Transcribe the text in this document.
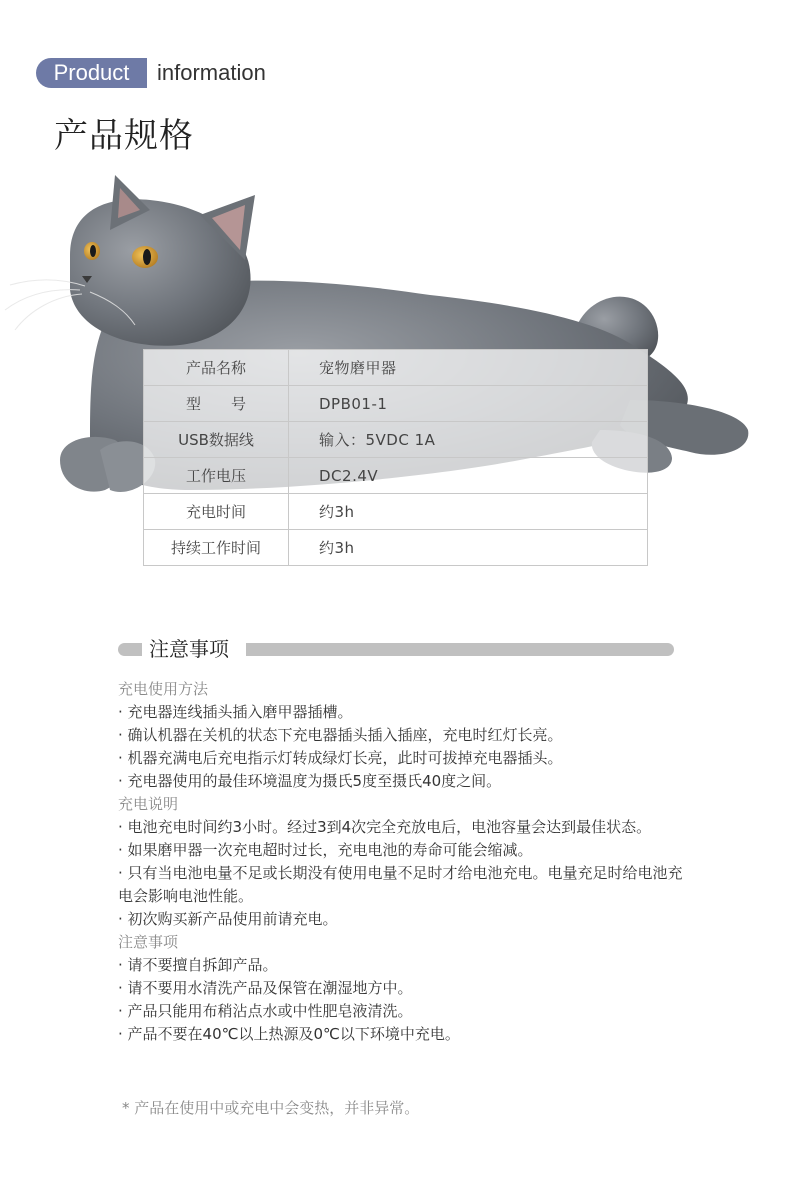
Product	information
产品规格
产品名称	宠物磨甲器
型　　号	DPB01-1
USB数据线	输入：5VDC 1A
工作电压	DC2.4V
充电时间	约3h
持续工作时间	约3h
注意事项

充电使用方法

· 充电器连线插头插入磨甲器插槽。

· 确认机器在关机的状态下充电器插头插入插座，充电时红灯长亮。

· 机器充满电后充电指示灯转成绿灯长亮，此时可拔掉充电器插头。

· 充电器使用的最佳环境温度为摄氏5度至摄氏40度之间。

充电说明

· 电池充电时间约3小时。经过3到4次完全充放电后，电池容量会达到最佳状态。

· 如果磨甲器一次充电超时过长，充电电池的寿命可能会缩减。

· 只有当电池电量不足或长期没有使用电量不足时才给电池充电。电量充足时给电池充电会影响电池性能。

· 初次购买新产品使用前请充电。

注意事项

· 请不要擅自拆卸产品。

· 请不要用水清洗产品及保管在潮湿地方中。

· 产品只能用布稍沾点水或中性肥皂液清洗。

· 产品不要在40℃以上热源及0℃以下环境中充电。

* 产品在使用中或充电中会变热，并非异常。
